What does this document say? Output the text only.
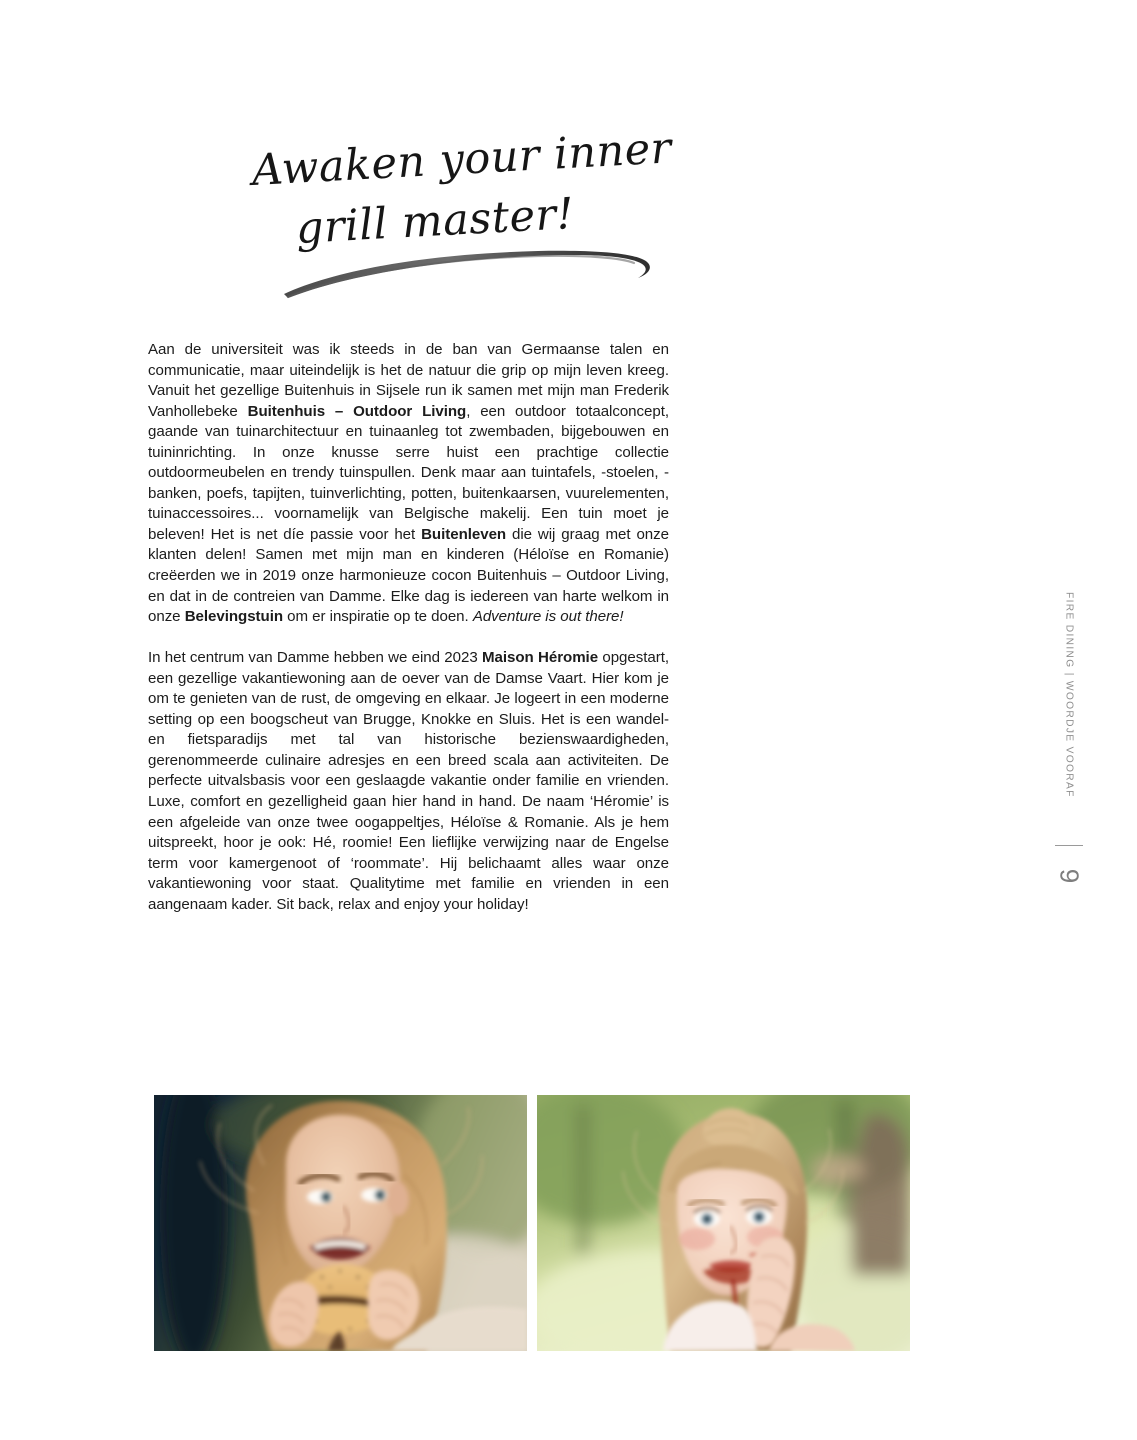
Awaken your inner
grill master!

Aan de universiteit was ik steeds in de ban van Germaanse talen en communicatie, maar uiteindelijk is het de natuur die grip op mijn leven kreeg. Vanuit het gezellige Buitenhuis in Sijsele run ik samen met mijn man Frederik Vanhollebeke Buitenhuis – Outdoor Living, een outdoor totaalconcept, gaande van tuinarchitectuur en tuinaanleg tot zwembaden, bijgebouwen en tuininrichting. In onze knusse serre huist een prachtige collectie outdoormeubelen en trendy tuinspullen. Denk maar aan tuintafels, -stoelen, -banken, poefs, tapijten, tuinverlichting, potten, buitenkaarsen, vuurelementen, tuinaccessoires... voornamelijk van Belgische makelij. Een tuin moet je beleven! Het is net díe passie voor het Buitenleven die wij graag met onze klanten delen! Samen met mijn man en kinderen (Héloïse en Romanie) creëerden we in 2019 onze harmonieuze cocon Buitenhuis – Outdoor Living, en dat in de contreien van Damme. Elke dag is iedereen van harte welkom in onze Belevingstuin om er inspiratie op te doen. Adventure is out there!

In het centrum van Damme hebben we eind 2023 Maison Héromie opgestart, een gezellige vakantiewoning aan de oever van de Damse Vaart. Hier kom je om te genieten van de rust, de omgeving en elkaar. Je logeert in een moderne setting op een boogscheut van Brugge, Knokke en Sluis. Het is een wandel- en fietsparadijs met tal van historische bezienswaardigheden, gerenommeerde culinaire adresjes en een breed scala aan activiteiten. De perfecte uitvalsbasis voor een geslaagde vakantie onder familie en vrienden. Luxe, comfort en gezelligheid gaan hier hand in hand. De naam ‘Héromie’ is een afgeleide van onze twee oogappeltjes, Héloïse & Romanie. Als je hem uitspreekt, hoor je ook: Hé, roomie! Een lieflijke verwijzing naar de Engelse term voor kamergenoot of ‘roommate’. Hij belichaamt alles waar onze vakantiewoning voor staat. Qualitytime met familie en vrienden in een aangenaam kader. Sit back, relax and enjoy your holiday!

FIRE DINING | WOORDJE VOORAF
9
